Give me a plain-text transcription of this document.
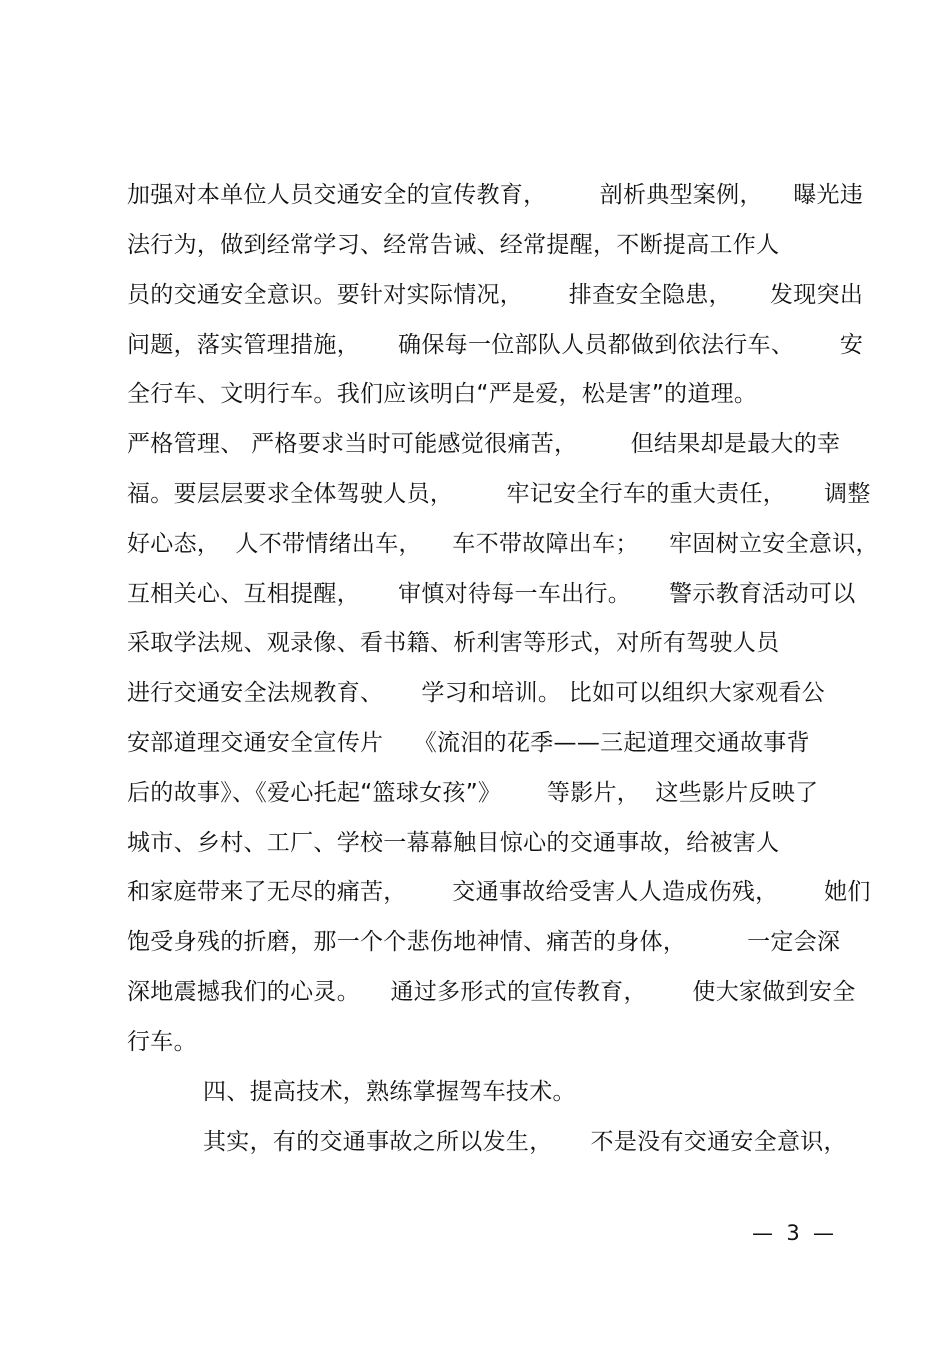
加强对本单位人员交通安全的宣传教育，       剖析典型案例，    曝光违
法行为，做到经常学习、经常告诫、经常提醒，不断提高工作人
员的交通安全意识。要针对实际情况，      排查安全隐患，     发现突出
问题，落实管理措施，     确保每一位部队人员都做到依法行车、      安
全行车、文明行车。我们应该明白“严是爱，松是害”的道理。
严格管理、 严格要求当时可能感觉很痛苦，       但结果却是最大的幸
福。要层层要求全体驾驶人员，       牢记安全行车的重大责任，     调整
好心态，  人不带情绪出车，    车不带故障出车；    牢固树立安全意识，
互相关心、互相提醒，     审慎对待每一车出行。     警示教育活动可以
采取学法规、观录像、看书籍、析利害等形式，对所有驾驶人员
进行交通安全法规教育、     学习和培训。 比如可以组织大家观看公
安部道理交通安全宣传片    《流泪的花季——三起道理交通故事背
后的故事》、《爱心托起“篮球女孩”》      等影片，  这些影片反映了
城市、乡村、工厂、学校一幕幕触目惊心的交通事故，给被害人
和家庭带来了无尽的痛苦，      交通事故给受害人人造成伤残，      她们
饱受身残的折磨，那一个个悲伤地神情、痛苦的身体，        一定会深
深地震撼我们的心灵。    通过多形式的宣传教育，      使大家做到安全
行车。
四、提高技术，熟练掌握驾车技术。
其实，有的交通事故之所以发生，     不是没有交通安全意识，
—  3  —
